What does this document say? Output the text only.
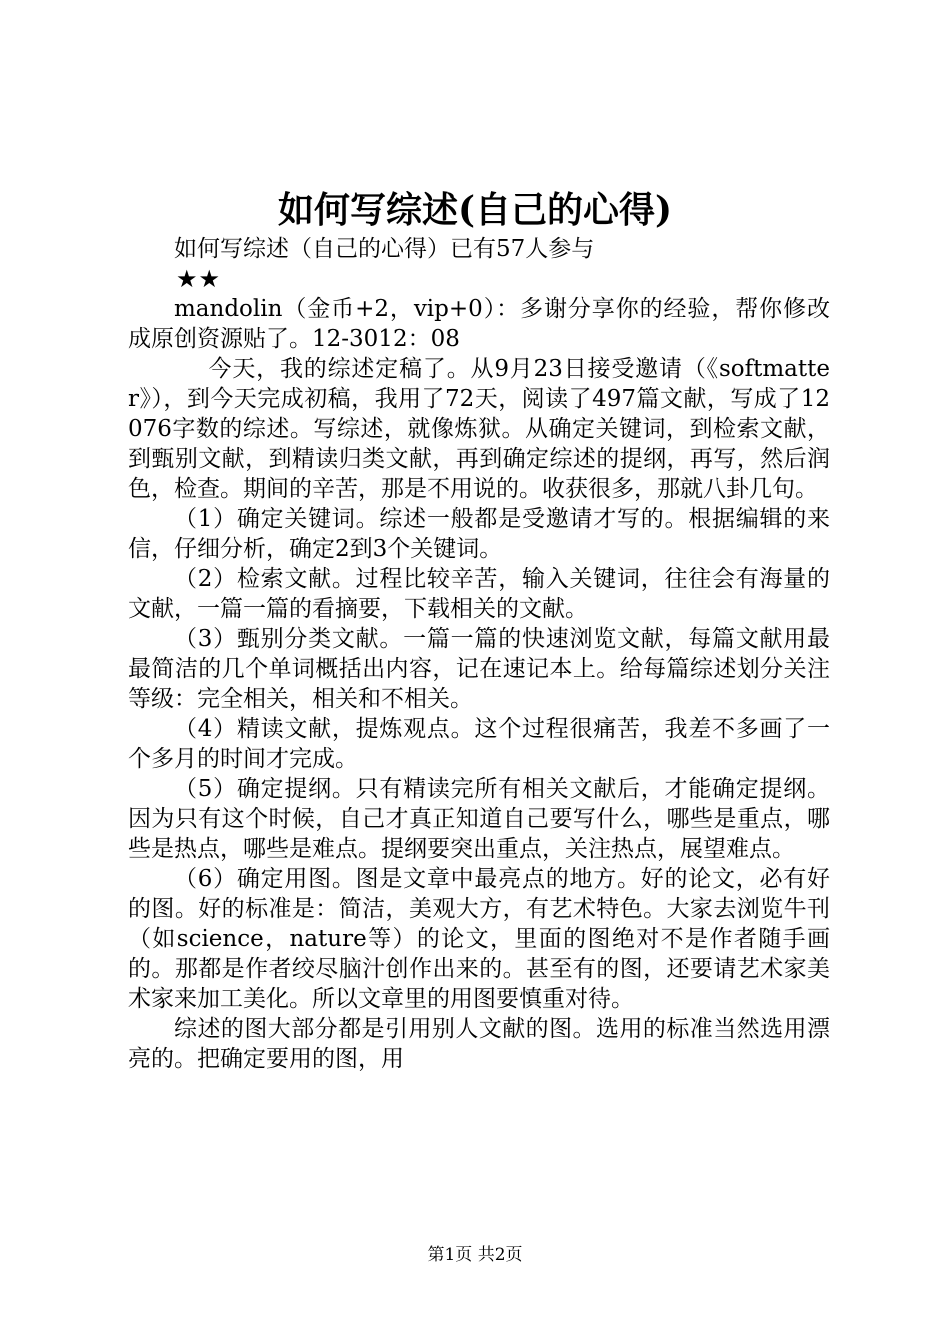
如何写综述(自己的心得)

如何写综述（自己的心得）已有57人参与

★★

mandolin（金币+2，vip+0）：多谢分享你的经验，帮你修改成原创资源贴了。12-3012：08

今天，我的综述定稿了。从9月23日接受邀请（《softmatter》），到今天完成初稿，我用了72天，阅读了497篇文献，写成了12076字数的综述。写综述，就像炼狱。从确定关键词，到检索文献，到甄别文献，到精读归类文献，再到确定综述的提纲，再写，然后润色，检查。期间的辛苦，那是不用说的。收获很多，那就八卦几句。

（1）确定关键词。综述一般都是受邀请才写的。根据编辑的来信，仔细分析，确定2到3个关键词。

（2）检索文献。过程比较辛苦，输入关键词，往往会有海量的文献，一篇一篇的看摘要，下载相关的文献。

（3）甄别分类文献。一篇一篇的快速浏览文献，每篇文献用最最简洁的几个单词概括出内容，记在速记本上。给每篇综述划分关注等级：完全相关，相关和不相关。

（4）精读文献，提炼观点。这个过程很痛苦，我差不多画了一个多月的时间才完成。

（5）确定提纲。只有精读完所有相关文献后，才能确定提纲。因为只有这个时候，自己才真正知道自己要写什么，哪些是重点，哪些是热点，哪些是难点。提纲要突出重点，关注热点，展望难点。

（6）确定用图。图是文章中最亮点的地方。好的论文，必有好的图。好的标准是：简洁，美观大方，有艺术特色。大家去浏览牛刊（如science，nature等）的论文，里面的图绝对不是作者随手画的。那都是作者绞尽脑汁创作出来的。甚至有的图，还要请艺术家美术家来加工美化。所以文章里的用图要慎重对待。

综述的图大部分都是引用别人文献的图。选用的标准当然选用漂亮的。把确定要用的图，用

第1页 共2页
